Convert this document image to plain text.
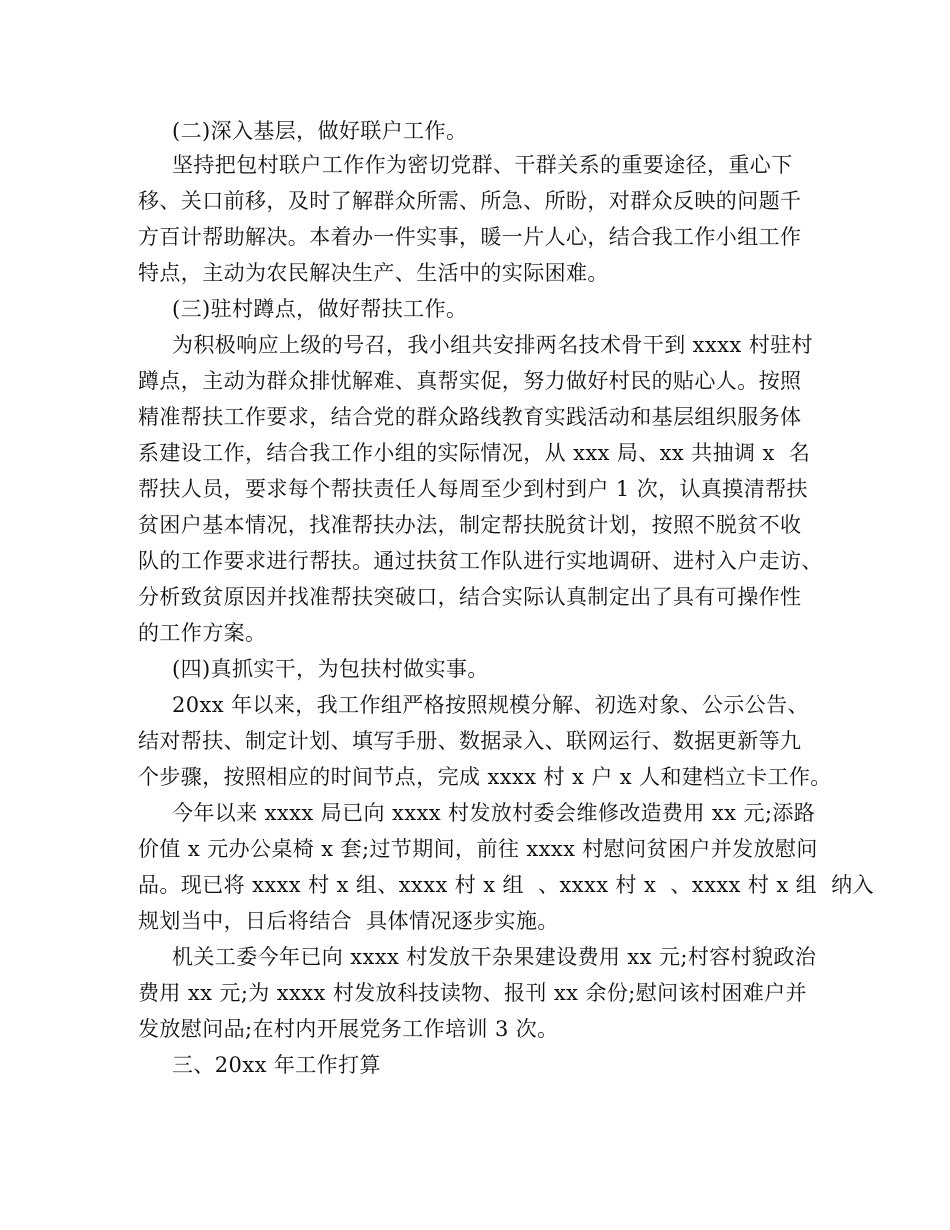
(二)深入基层，做好联户工作。

坚持把包村联户工作作为密切党群、干群关系的重要途径，重心下

移、关口前移，及时了解群众所需、所急、所盼，对群众反映的问题千

方百计帮助解决。本着办一件实事，暖一片人心，结合我工作小组工作

特点，主动为农民解决生产、生活中的实际困难。

(三)驻村蹲点，做好帮扶工作。

为积极响应上级的号召，我小组共安排两名技术骨干到 xxxx 村驻村

蹲点，主动为群众排忧解难、真帮实促，努力做好村民的贴心人。按照

精准帮扶工作要求，结合党的群众路线教育实践活动和基层组织服务体

系建设工作，结合我工作小组的实际情况，从 xxx 局、xx 共抽调 x  名

帮扶人员，要求每个帮扶责任人每周至少到村到户 1 次，认真摸清帮扶

贫困户基本情况，找准帮扶办法，制定帮扶脱贫计划，按照不脱贫不收

队的工作要求进行帮扶。通过扶贫工作队进行实地调研、进村入户走访、

分析致贫原因并找准帮扶突破口，结合实际认真制定出了具有可操作性

的工作方案。

(四)真抓实干，为包扶村做实事。

20xx 年以来，我工作组严格按照规模分解、初选对象、公示公告、

结对帮扶、制定计划、填写手册、数据录入、联网运行、数据更新等九

个步骤，按照相应的时间节点，完成 xxxx 村 x 户 x 人和建档立卡工作。

今年以来 xxxx 局已向 xxxx 村发放村委会维修改造费用 xx 元;添路

价值 x 元办公桌椅 x 套;过节期间，前往 xxxx 村慰问贫困户并发放慰问

品。现已将 xxxx 村 x 组、xxxx 村 x 组  、xxxx 村 x  、xxxx 村 x 组  纳入

规划当中，日后将结合  具体情况逐步实施。

机关工委今年已向 xxxx 村发放干杂果建设费用 xx 元;村容村貌政治

费用 xx 元;为 xxxx 村发放科技读物、报刊 xx 余份;慰问该村困难户并

发放慰问品;在村内开展党务工作培训 3 次。

三、20xx 年工作打算
